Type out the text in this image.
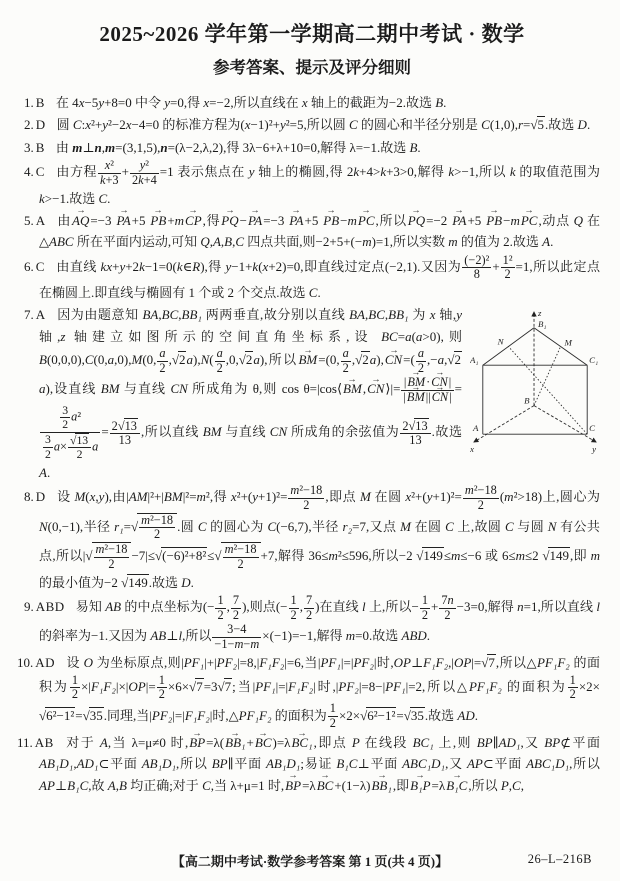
2025~2026 学年第一学期高二期中考试 · 数学
参考答案、提示及评分细则
1. B 在 4x−5y+8=0 中令 y=0,得 x=−2,所以直线在 x 轴上的截距为−2.故选 B.
2. D 圆 C:x²+y²−2x−4=0 的标准方程为(x−1)²+y²=5,所以圆 C 的圆心和半径分别是 C(1,0),r= √ 5.故选 D.
3. B 由 m⊥n,m=(3,1,5),n=(λ−2,λ,2),得 3λ−6+λ+10=0,解得 λ=−1.故选 B.
4. C 由方程 $\frac{\text{x²}}{k+3} + \frac{\text{y²}}{2k+4} =1$ 表示焦点在 y 轴上的椭圆,得 2k+4>k+3>0,解得 k>−1,所以 k 的取值范围为 k>−1.故选 C.
5. A 由AQ →=−3 PA →+5 PB →+mCP →,得PQ →−PA →=−3 PA →+5 PB →−mPC →,所以PQ →=−2 PA →+5 PB →−mPC →,动点 Q 在△ABC 所在平面内运动,可知 Q,A,B,C 四点共面,则−2+5+(−m)=1,所以实数 m 的值为 2.故选 A.
6. C 由直线 kx+y+2k−1=0(k∈R),得 y−1+k(x+2)=0,即直线过定点(−2,1).又因为 $\frac{\text{(−2)²}}{8} + \frac{\text{1²}}{2} =1$,所以此定点在椭圆上.即直线与椭圆有 1 个或 2 个交点.故选 C.
z
B₁
N	M
A₁	C₁
B
A	C
x	y
7. A 因为由题意知 BA,BC,BB₁ 两两垂直,故分别以直线 BA,BC,BB₁ 为 x 轴,y 轴,z 轴建立如图所示的空间直角坐标系,设 BC=a(a>0),则 B(0,0,0),C(0,a,0),M(0, $\frac{a}{2}$ , √ $2a),N( \frac{a}{2} ,0$, √ 2a),所以BM →=(0, $\frac{a}{2}$ , √ 2a),CN →=( $\frac{a}{2} ,-a$, √ 2a),设直线 BM 与直线 CN 所成角为 θ,则 cos θ=|cos⟨BM →,CN →⟩|= $\frac{|BM \to\cdot CN \to|}{|BM \to||CN \to|}$ =
$\frac{\frac{3}{2} a^2}{\frac{3}{2} a\times √ \frac{13}{2} a} = \frac{2 √ 13}{13}$ ,所以直线 BM 与直线 CN 所成角的余弦值为 $\frac{2 √ 13}{13}$ .故选 A.
8. D 设 M(x,y),由|AM|²+|BM|²=m²,得 $x^2+(y+1)^2= \frac{\text{m²−18}}{2}$ ,即点 M 在圆 $x^2+(y+1)^2= \frac{\text{m²−18}}{2} (m^2>18)$上,圆心为 N(0,−1),半径 r₁= √ $\frac{\text{m²−18}}{2}$ .圆 C 的圆心为 C(−6,7),半径 r₂=7,又点 M 在圆 C 上,故圆 C 与圆 N 有公共点,所以| √ $\frac{\text{m²−18}}{2} -7|\le$ √ (−6)²+8²≤ √ $\frac{\text{m²−18}}{2} +7$,解得 36≤m²≤596,所以−2 √ 149≤m≤−6 或 6≤m≤2 √ 149,即 m 的最小值为−2 √ 149.故选 D.
9. ABD 易知 AB 的中点坐标为(− $\frac{1}{2}$ , $\frac{7}{2}$ ),则点(− $\frac{1}{2}$ , $\frac{7}{2}$ )在直线 l 上,所以− $\frac{1}{2} + \frac{7n}{2} -3=0$,解得 n=1,所以直线 l 的斜率为−1.又因为 AB⊥l,所以 $\frac{3-4}{-1-m-m} \times(-1)=-1$,解得 m=0.故选 ABD.
10. AD 设 O 为坐标原点,则|PF₁|+|PF₂|=8,|F₁F₂|=6,当|PF₁|=|PF₂|时,OP⊥F₁F₂,|OP|= √ 7,所以△PF₁F₂ 的面积为 $\frac{1}{2} \times|F_1F_2|\times|OP|= \frac{1}{2} \times 6\times$ √ 7=3 √ 7;当|PF₁|=|F₁F₂|时,|PF₂|=8−|PF₁|=2,所以△PF₁F₂ 的面积为 $\frac{1}{2} \times 2\times√$ 6²−1²= √ 35.同理,当|PF₂|=|F₁F₂|时,△PF₁F₂ 的面积为 $\frac{1}{2} \times 2\times$ √ 6²−1²= √ 35.故选 AD.
11. AB 对于 A,当 λ=μ≠0 时,BP →=λ(BB₁ →+BC →)=λBC₁ →,即点 P 在线段 BC₁ 上,则 BP∥AD₁,又 BP⊄平面 AB₁D₁,AD₁⊂平面 AB₁D₁,所以 BP∥平面 AB₁D₁;易证 B₁C⊥平面 ABC₁D₁,又 AP⊂平面 ABC₁D₁,所以 AP⊥B₁C,故 A,B 均正确;对于 C,当 λ+μ=1 时,BP →=λBC →+(1−λ)BB₁ →,即B₁P →=λB₁C →,所以 P,C,
【高二期中考试·数学参考答案 第 1 页(共 4 页)】	26–L–216B
